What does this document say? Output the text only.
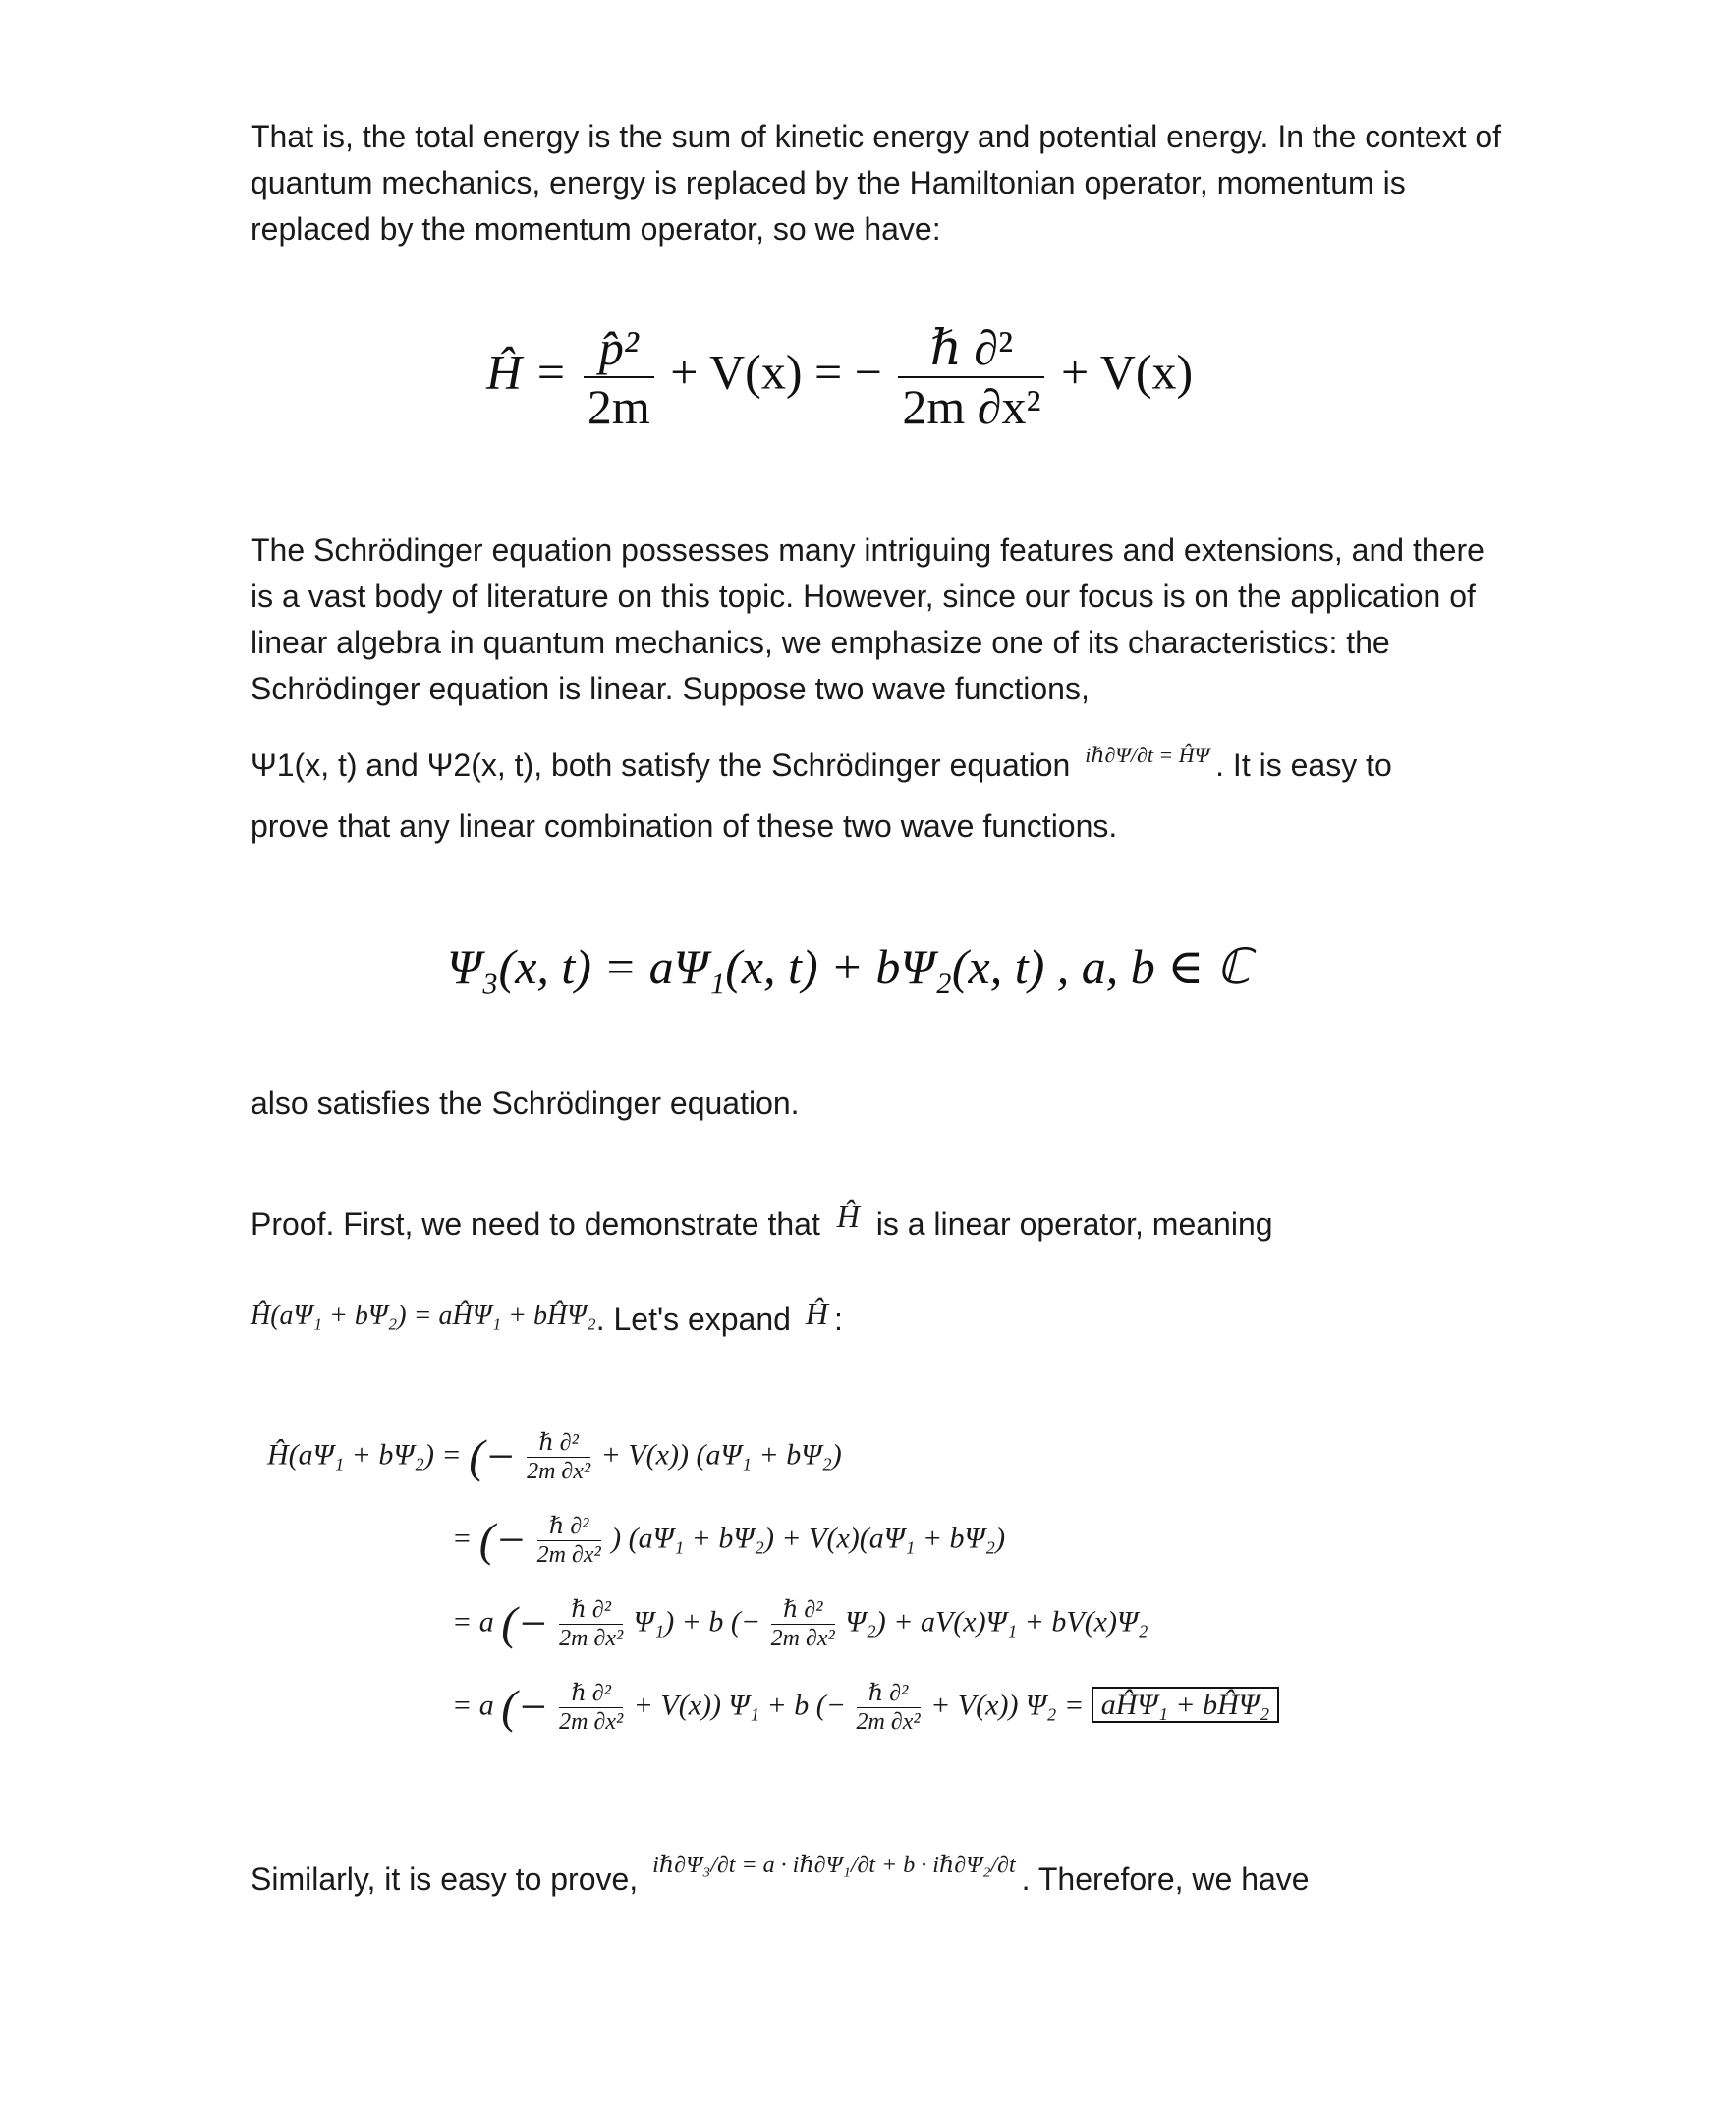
That is, the total energy is the sum of kinetic energy and potential energy. In the context of quantum mechanics, energy is replaced by the Hamiltonian operator, momentum is replaced by the momentum operator, so we have:

Ĥ = $\frac{\text{p̂²}}{2m} + V(x)$ = − $\frac{\text{ℏ ∂²}}{\text{2m ∂x²}} + V(x)$

The Schrödinger equation possesses many intriguing features and extensions, and there is a vast body of literature on this topic. However, since our focus is on the application of linear algebra in quantum mechanics, we emphasize one of its characteristics: the Schrödinger equation is linear. Suppose two wave functions,

Ψ1(x, t) and Ψ2(x, t), both satisfy the Schrödinger equation $^{i\hbar\partial\Psi/\partial t = Ĥ\Psi}$ . It is easy to

prove that any linear combination of these two wave functions.

Ψ₃(x, t) = aΨ₁(x, t) + bΨ₂(x, t) , a, b ∈ ℂ

also satisfies the Schrödinger equation.

Proof. First, we need to demonstrate that Ĥ is a linear operator, meaning
Ĥ(aΨ₁ + bΨ₂) = aĤΨ₁ + bĤΨ₂. Let's expand Ĥ :
Ĥ(aΨ₁ + bΨ₂) = (− $\frac{\text{ℏ ∂²}}{\text{2m ∂x²}} + V(x)$) (aΨ₁ + bΨ₂)
= (− $\frac{\text{ℏ ∂²}}{\text{2m ∂x²}}$ ) (aΨ₁ + bΨ₂) + V(x)(aΨ₁ + bΨ₂)
= a (− $\frac{\text{ℏ ∂²}}{\text{2m ∂x²}} \Psi_1) + b$ (− $\frac{\text{ℏ ∂²}}{\text{2m ∂x²}} \Psi_2) + aV(x)\Psi_1 + bV(x)\Psi_2$
= a (− $\frac{\text{ℏ ∂²}}{\text{2m ∂x²}} + V(x)$) Ψ₁ + b (− $\frac{\text{ℏ ∂²}}{\text{2m ∂x²}} + V(x)$) Ψ₂ = aĤΨ₁ + bĤΨ₂
Similarly, it is easy to prove, $^{i\hbar\partial\Psi_3/\partial t = a \cdot i\hbar\partial\Psi_1/\partial t + b \cdot i\hbar\partial\Psi_2/\partial t}$ . Therefore, we have
